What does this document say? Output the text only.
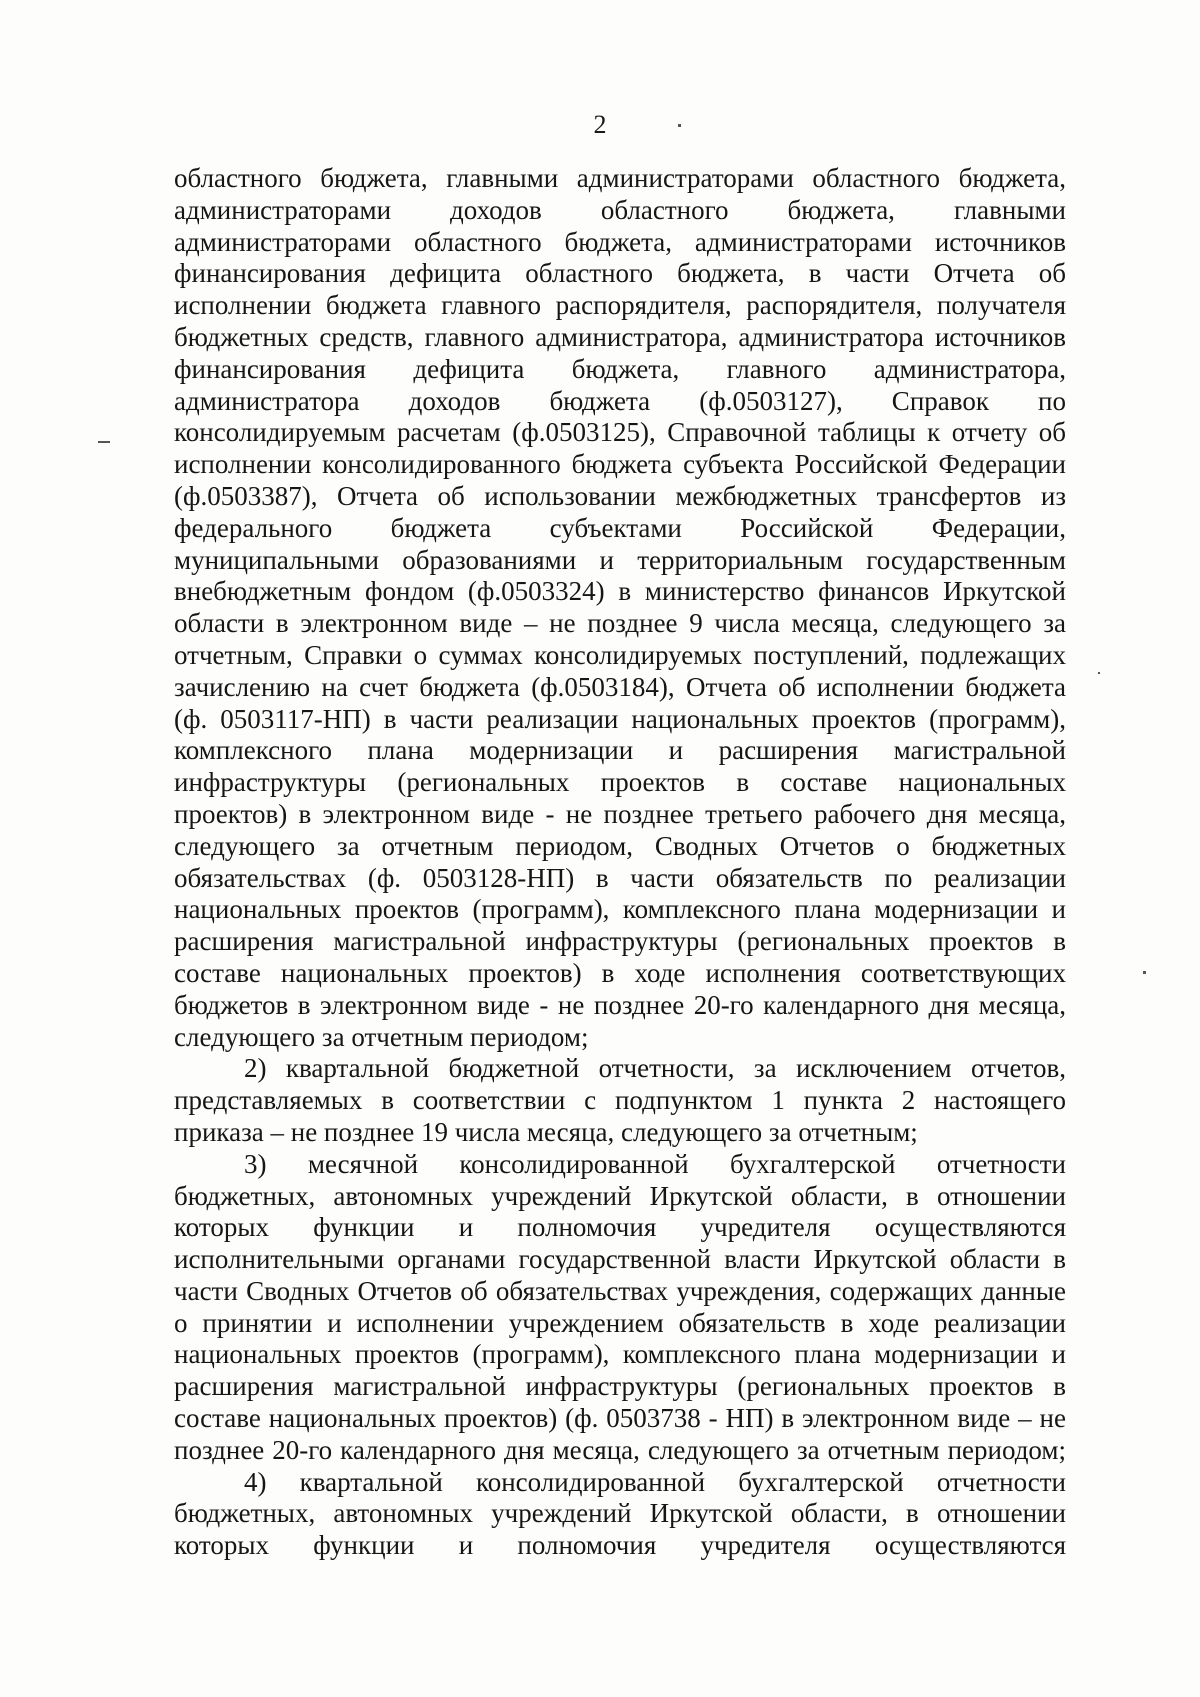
2
областного бюджета, главными администраторами областного бюджета,
администраторами доходов областного бюджета, главными
администраторами областного бюджета, администраторами источников
финансирования дефицита областного бюджета, в части Отчета об
исполнении бюджета главного распорядителя, распорядителя, получателя
бюджетных средств, главного администратора, администратора источников
финансирования дефицита бюджета, главного администратора,
администратора доходов бюджета (ф.0503127), Справок по
консолидируемым расчетам (ф.0503125), Справочной таблицы к отчету об
исполнении консолидированного бюджета субъекта Российской Федерации
(ф.0503387), Отчета об использовании межбюджетных трансфертов из
федерального бюджета субъектами Российской Федерации,
муниципальными образованиями и территориальным государственным
внебюджетным фондом (ф.0503324) в министерство финансов Иркутской
области в электронном виде – не позднее 9 числа месяца, следующего за
отчетным, Справки о суммах консолидируемых поступлений, подлежащих
зачислению на счет бюджета (ф.0503184), Отчета об исполнении бюджета
(ф. 0503117-НП) в части реализации национальных проектов (программ),
комплексного плана модернизации и расширения магистральной
инфраструктуры (региональных проектов в составе национальных
проектов) в электронном виде - не позднее третьего рабочего дня месяца,
следующего за отчетным периодом, Сводных Отчетов о бюджетных
обязательствах (ф. 0503128-НП) в части обязательств по реализации
национальных проектов (программ), комплексного плана модернизации и
расширения магистральной инфраструктуры (региональных проектов в
составе национальных проектов) в ходе исполнения соответствующих
бюджетов в электронном виде - не позднее 20-го календарного дня месяца,
следующего за отчетным периодом;
2) квартальной бюджетной отчетности, за исключением отчетов,
представляемых в соответствии с подпунктом 1 пункта 2 настоящего
приказа – не позднее 19 числа месяца, следующего за отчетным;
3) месячной консолидированной бухгалтерской отчетности
бюджетных, автономных учреждений Иркутской области, в отношении
которых функции и полномочия учредителя осуществляются
исполнительными органами государственной власти Иркутской области в
части Сводных Отчетов об обязательствах учреждения, содержащих данные
о принятии и исполнении учреждением обязательств в ходе реализации
национальных проектов (программ), комплексного плана модернизации и
расширения магистральной инфраструктуры (региональных проектов в
составе национальных проектов) (ф. 0503738 - НП) в электронном виде – не
позднее 20-го календарного дня месяца, следующего за отчетным периодом;
4) квартальной консолидированной бухгалтерской отчетности
бюджетных, автономных учреждений Иркутской области, в отношении
которых функции и полномочия учредителя осуществляются
